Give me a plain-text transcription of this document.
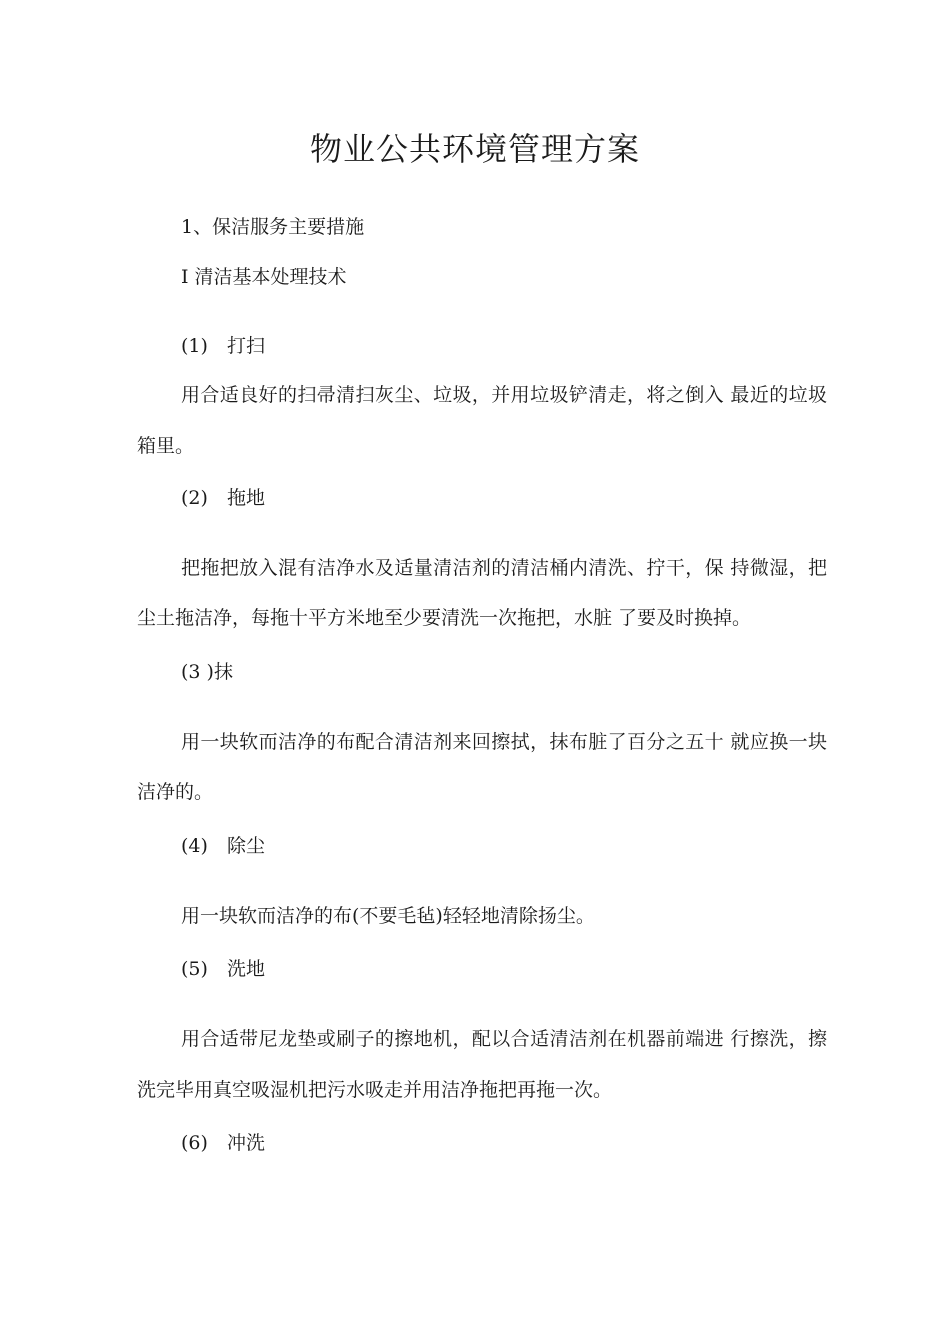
物业公共环境管理方案
1、保洁服务主要措施
I 清洁基本处理技术
(1) 打扫
用合适良好的扫帚清扫灰尘、垃圾，并用垃圾铲清走，将之倒入 最近的垃圾
箱里。
(2) 拖地
把拖把放入混有洁净水及适量清洁剂的清洁桶内清洗、拧干，保 持微湿，把
尘土拖洁净，每拖十平方米地至少要清洗一次拖把，水脏 了要及时换掉。
(3 )抹
用一块软而洁净的布配合清洁剂来回擦拭，抹布脏了百分之五十 就应换一块
洁净的。
(4) 除尘
用一块软而洁净的布(不要毛毡)轻轻地清除扬尘。
(5) 洗地
用合适带尼龙垫或刷子的擦地机，配以合适清洁剂在机器前端进 行擦洗，擦
洗完毕用真空吸湿机把污水吸走并用洁净拖把再拖一次。
(6) 冲洗
